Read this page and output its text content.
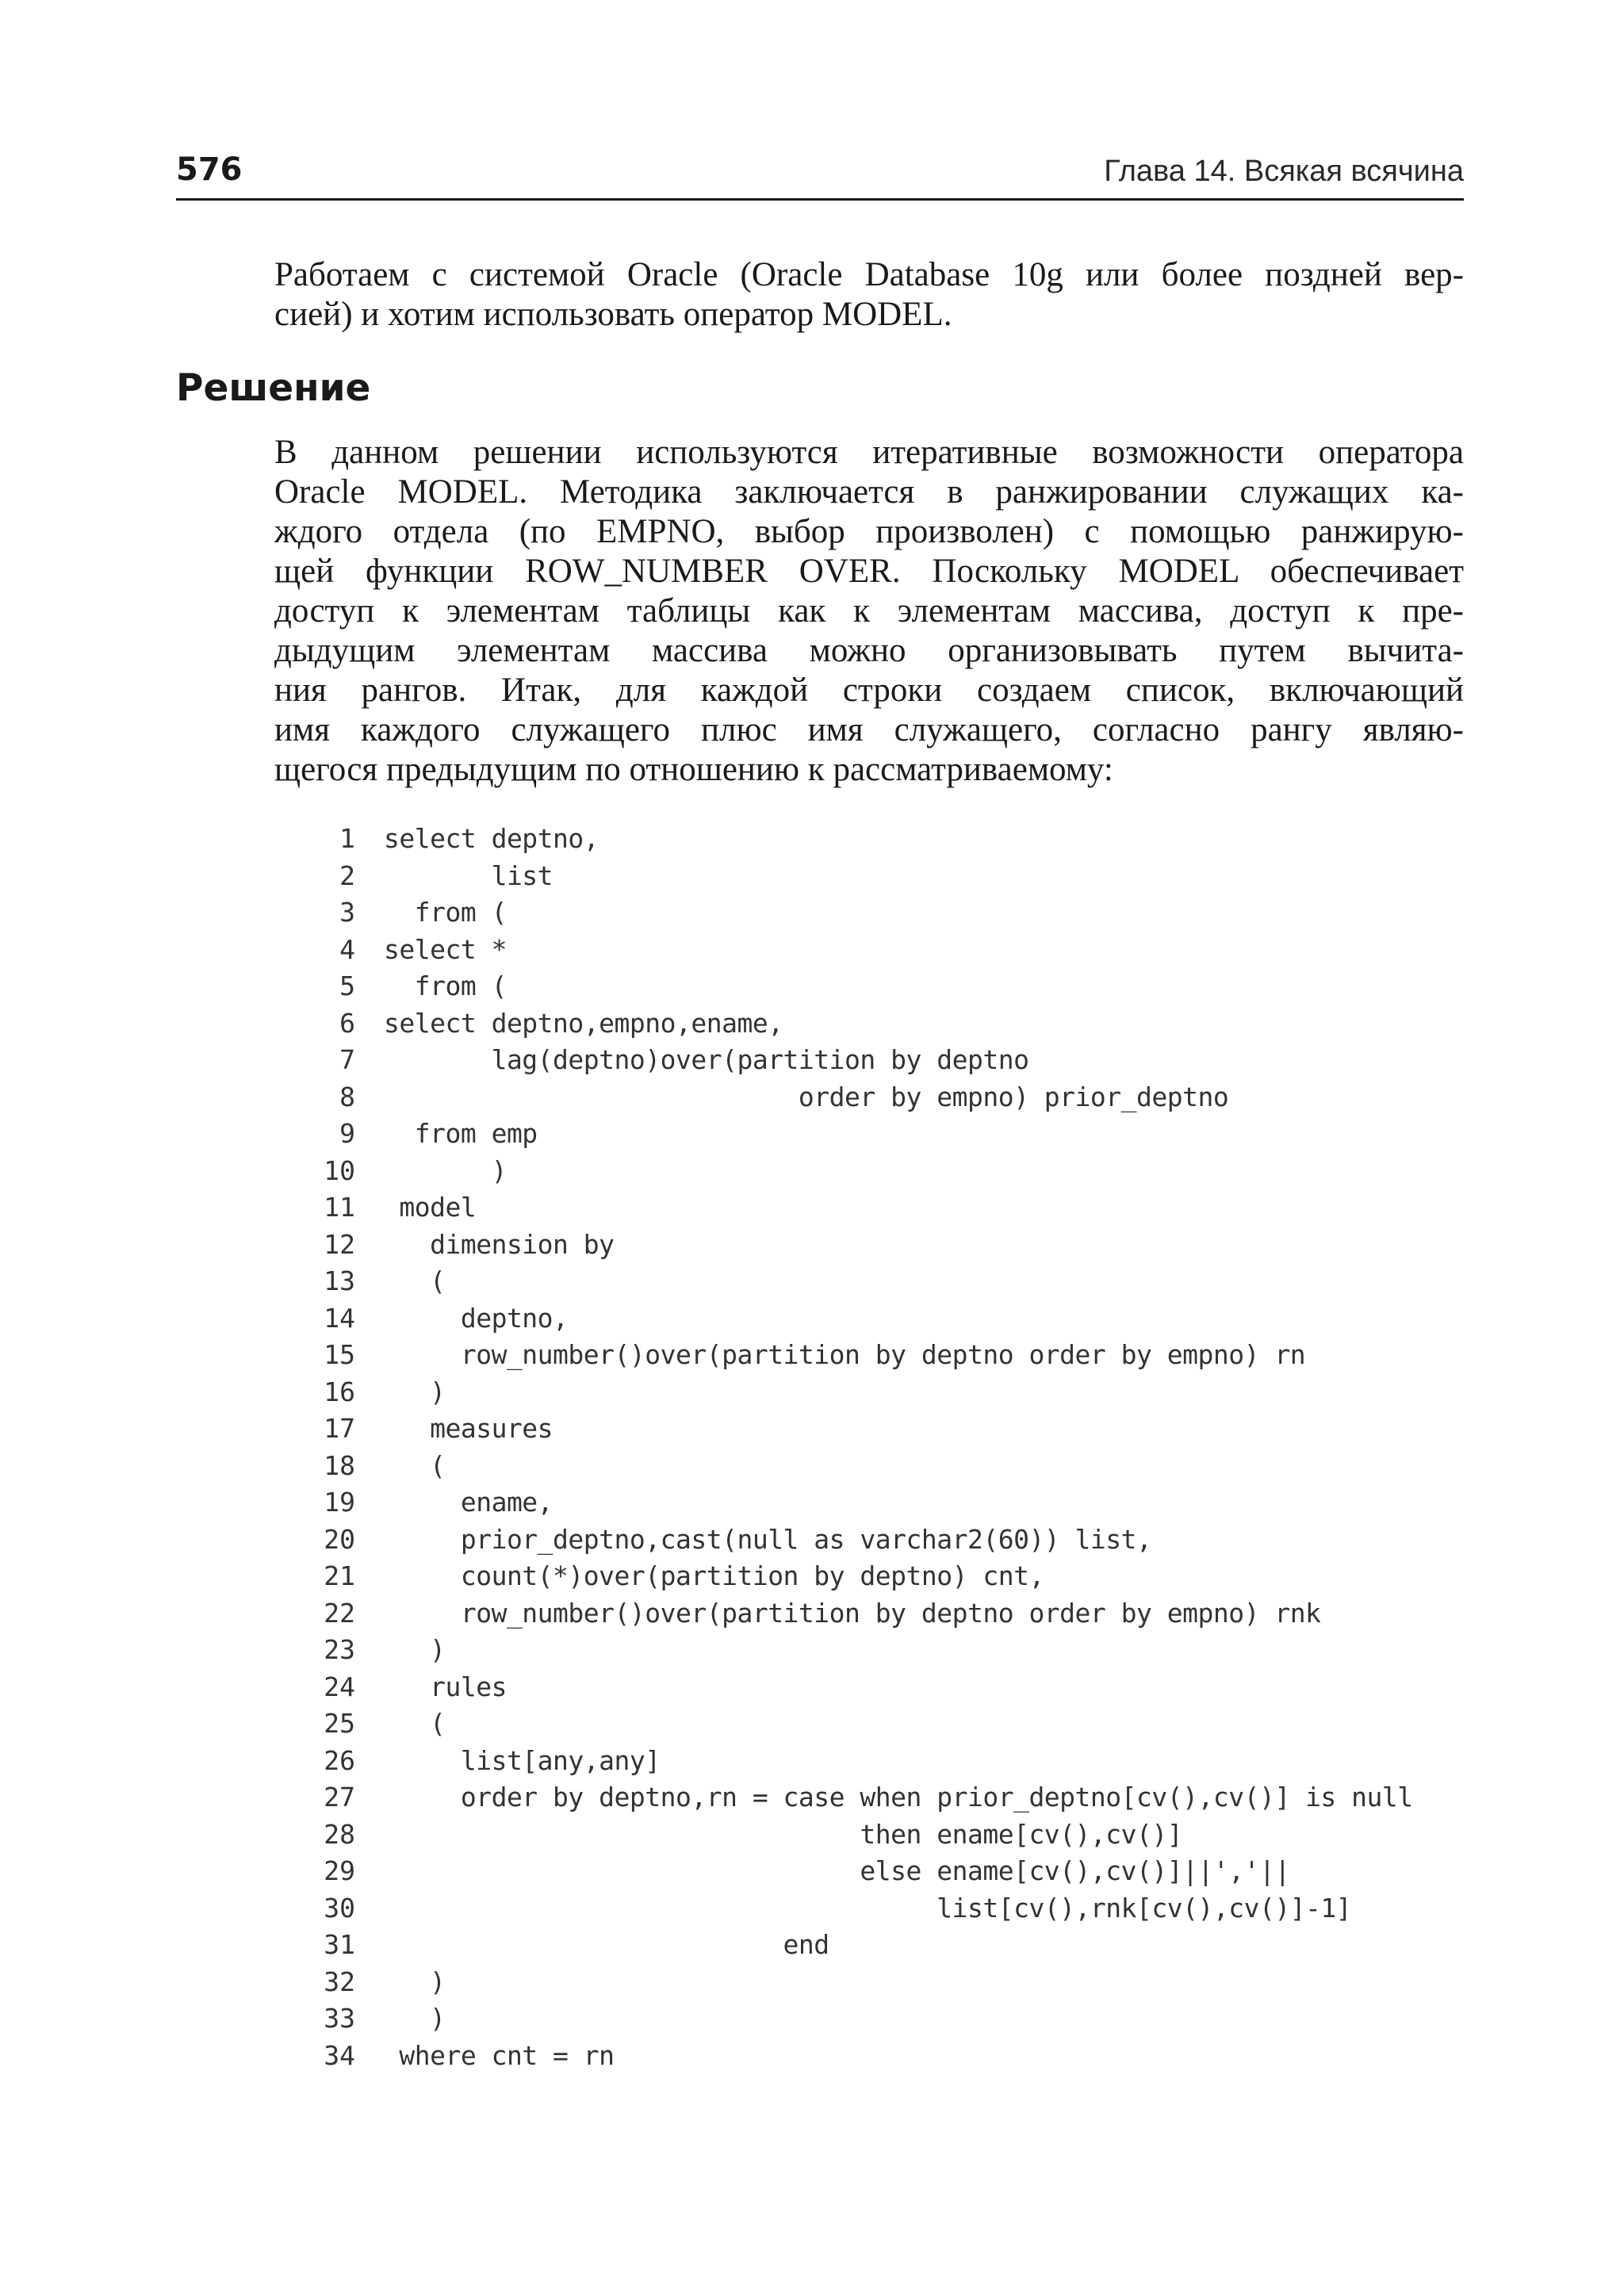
576	Глава 14. Всякая всячина

Работаем с системой Oracle (Oracle Database 10g или более поздней вер-
сией) и хотим использовать оператор MODEL.

Решение

В данном решении используются итеративные возможности оператора
Oracle MODEL. Методика заключается в ранжировании служащих ка-
ждого отдела (по EMPNO, выбор произволен) с помощью ранжирую-
щей функции ROW_NUMBER OVER. Поскольку MODEL обеспечивает
доступ к элементам таблицы как к элементам массива, доступ к пре-
дыдущим элементам массива можно организовывать путем вычита-
ния рангов. Итак, для каждой строки создаем список, включающий
имя каждого служащего плюс имя служащего, согласно рангу являю-
щегося предыдущим по отношению к рассматриваемому:

1	select deptno,
2	list
3	from (
4	select *
5	from (
6	select deptno,empno,ename,
7	lag(deptno)over(partition by deptno
8	order by empno) prior_deptno
9	from emp
10	)
11	model
12	dimension by
13	(
14	deptno,
15	row_number()over(partition by deptno order by empno) rn
16	)
17	measures
18	(
19	ename,
20	prior_deptno,cast(null as varchar2(60)) list,
21	count(*)over(partition by deptno) cnt,
22	row_number()over(partition by deptno order by empno) rnk
23	)
24	rules
25	(
26	list[any,any]
27	order by deptno,rn = case when prior_deptno[cv(),cv()] is null
28	then ename[cv(),cv()]
29	else ename[cv(),cv()]||','||
30	list[cv(),rnk[cv(),cv()]-1]
31	end
32	)
33	)
34	where cnt = rn
